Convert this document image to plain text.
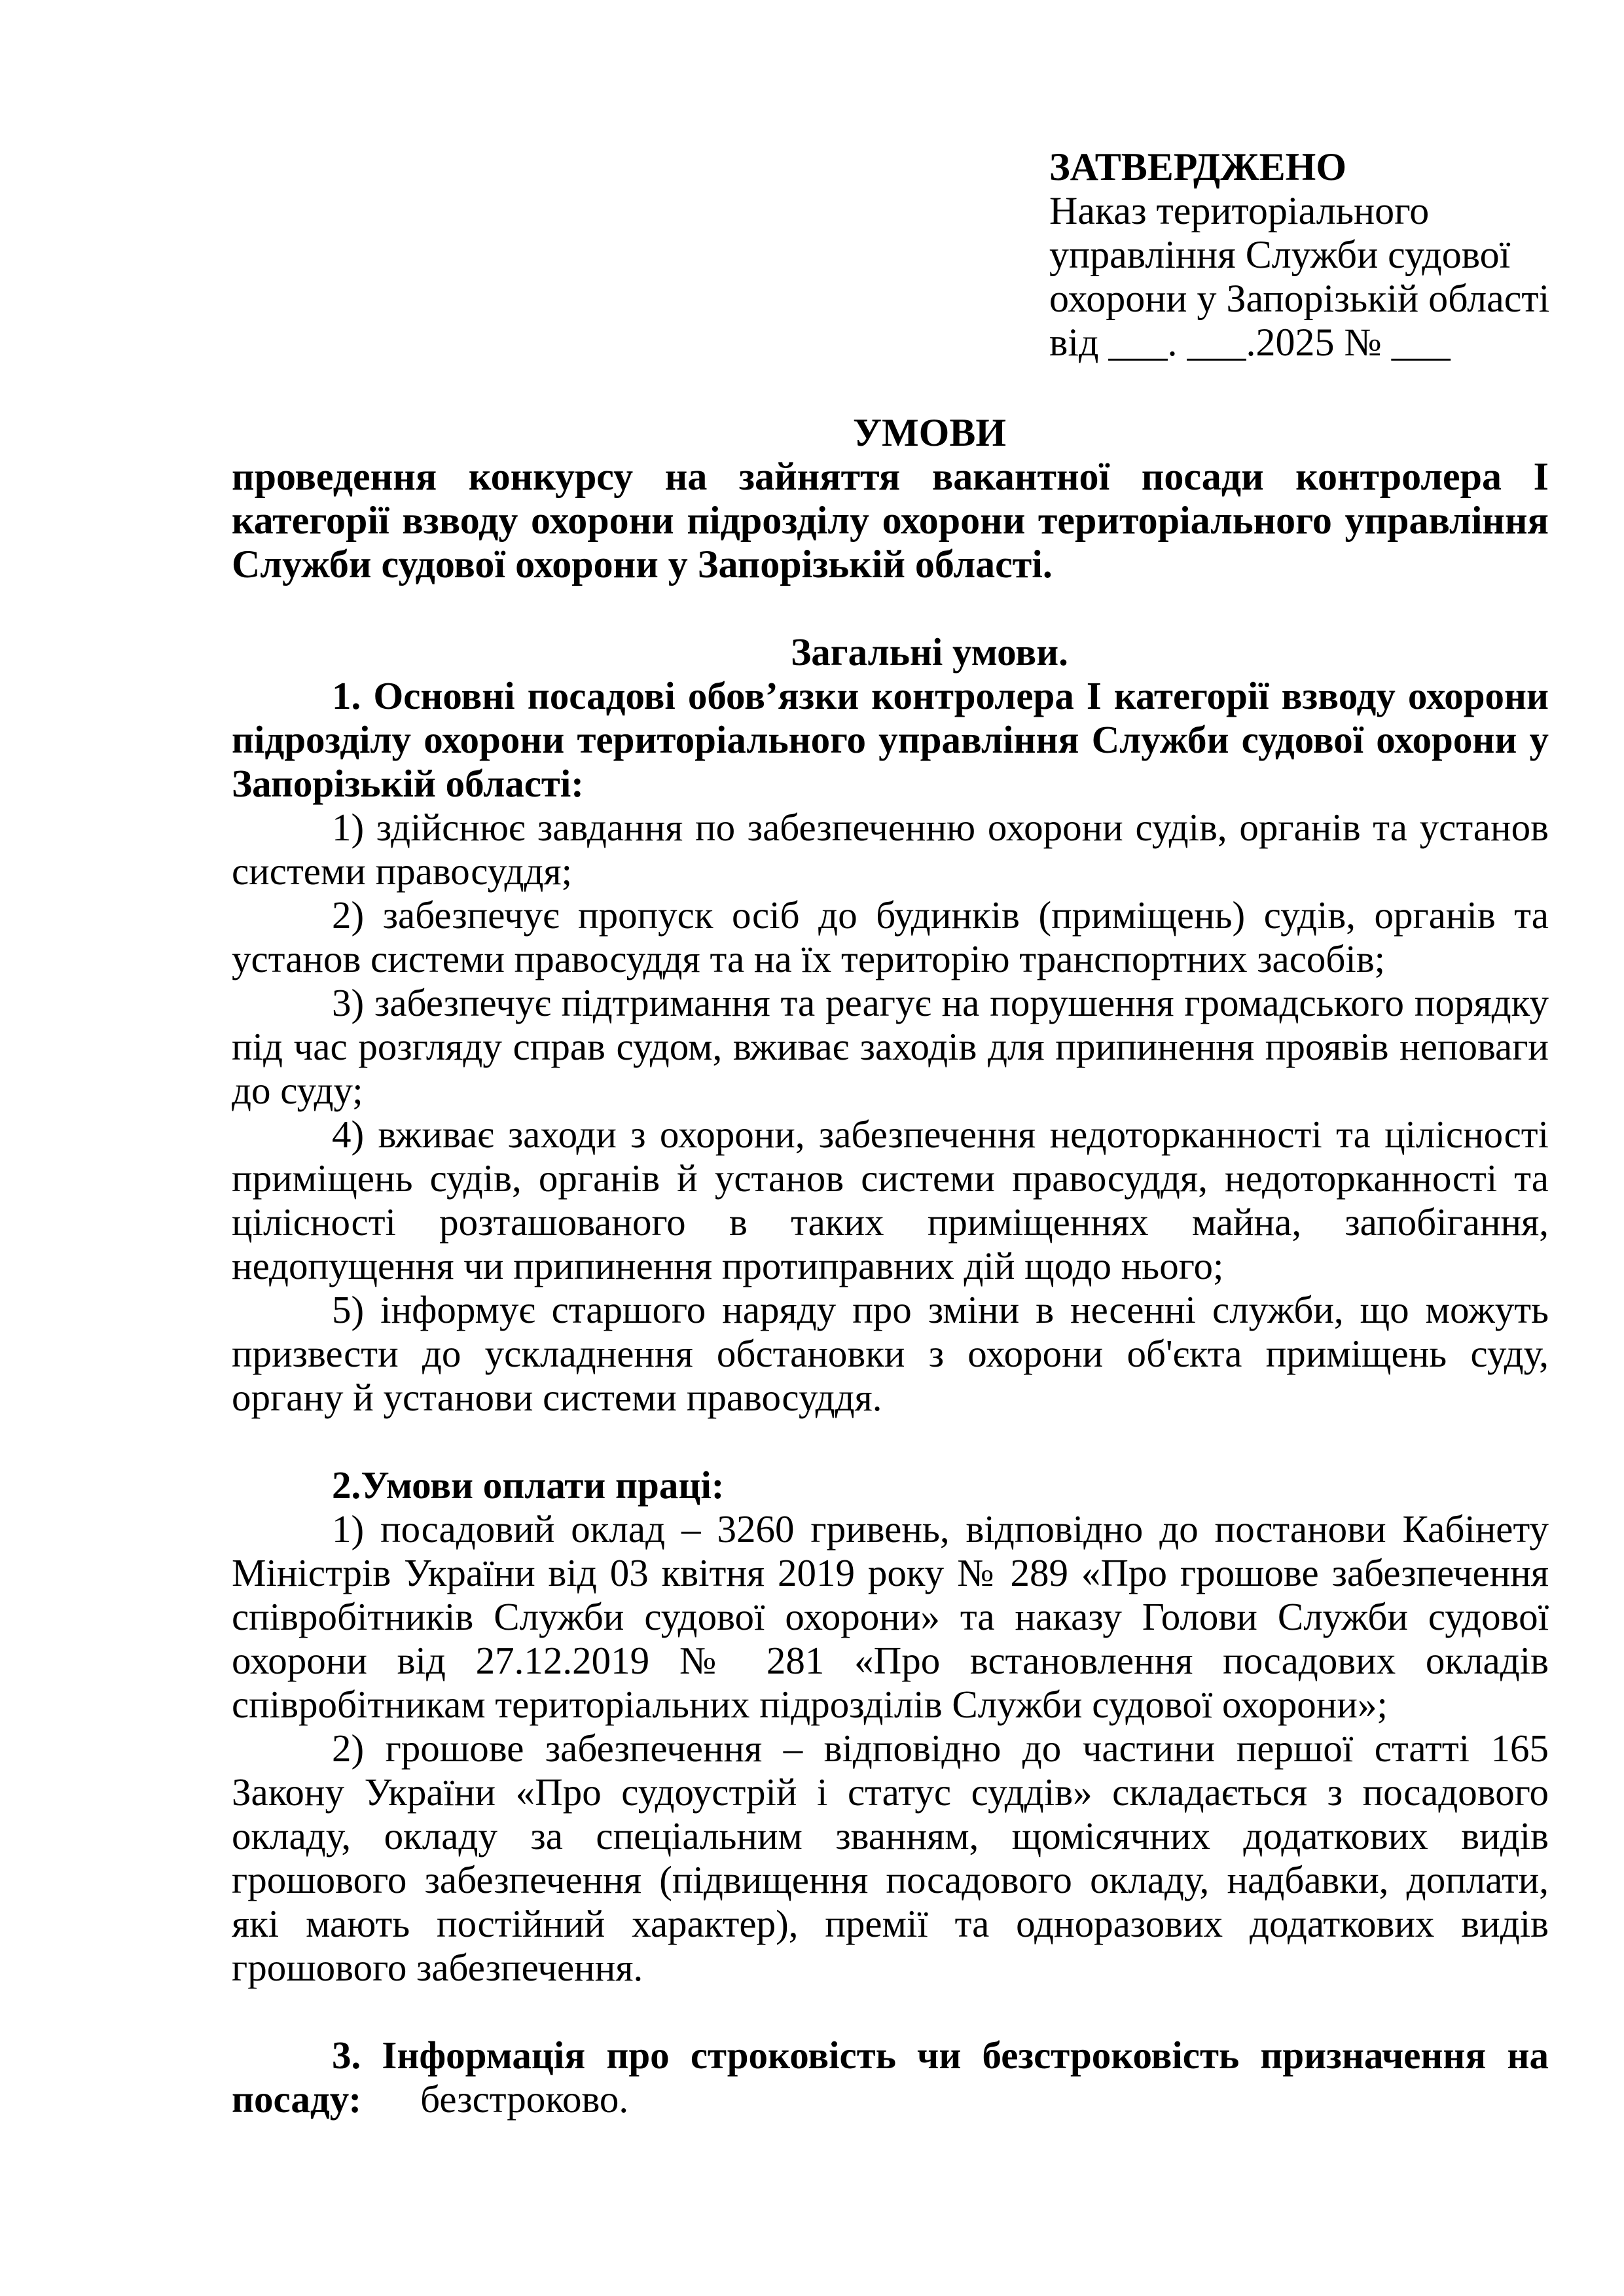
ЗАТВЕРДЖЕНО
Наказ територіального
управління Служби судової
охорони у Запорізькій області
від ___. ___.2025 № ___

УМОВИ

проведення конкурсу на зайняття вакантної посади контролера І категорії взводу охорони підрозділу охорони територіального управління Служби судової охорони у Запорізькій області.

Загальні умови.

1. Основні посадові обов’язки контролера І категорії взводу охорони підрозділу охорони територіального управління Служби судової охорони у Запорізькій області:

1) здійснює завдання по забезпеченню охорони судів, органів та установ системи правосуддя;

2) забезпечує пропуск осіб до будинків (приміщень) судів, органів та установ системи правосуддя та на їх територію транспортних засобів;

3) забезпечує підтримання та реагує на порушення громадського порядку під час розгляду справ судом, вживає заходів для припинення проявів неповаги до суду;

4) вживає заходи з охорони, забезпечення недоторканності та цілісності приміщень судів, органів й установ системи правосуддя, недоторканності та цілісності розташованого в таких приміщеннях майна, запобігання, недопущення чи припинення протиправних дій щодо нього;

5) інформує старшого наряду про зміни в несенні служби, що можуть призвести до ускладнення обстановки з охорони об'єкта приміщень суду, органу й установи системи правосуддя.

2.Умови оплати праці:

1) посадовий оклад – 3260 гривень, відповідно до постанови Кабінету Міністрів України від 03 квітня 2019 року № 289 «Про грошове забезпечення співробітників Служби судової охорони» та наказу Голови Служби судової охорони від 27.12.2019 № 281 «Про встановлення посадових окладів співробітникам територіальних підрозділів Служби судової охорони»;

2) грошове забезпечення – відповідно до частини першої статті 165 Закону України «Про судоустрій і статус суддів» складається з посадового окладу, окладу за спеціальним званням, щомісячних додаткових видів грошового забезпечення (підвищення посадового окладу, надбавки, доплати, які мають постійний характер), премії та одноразових додаткових видів грошового забезпечення.

3. Інформація про строковість чи безстроковість призначення на посаду: безстроково.
